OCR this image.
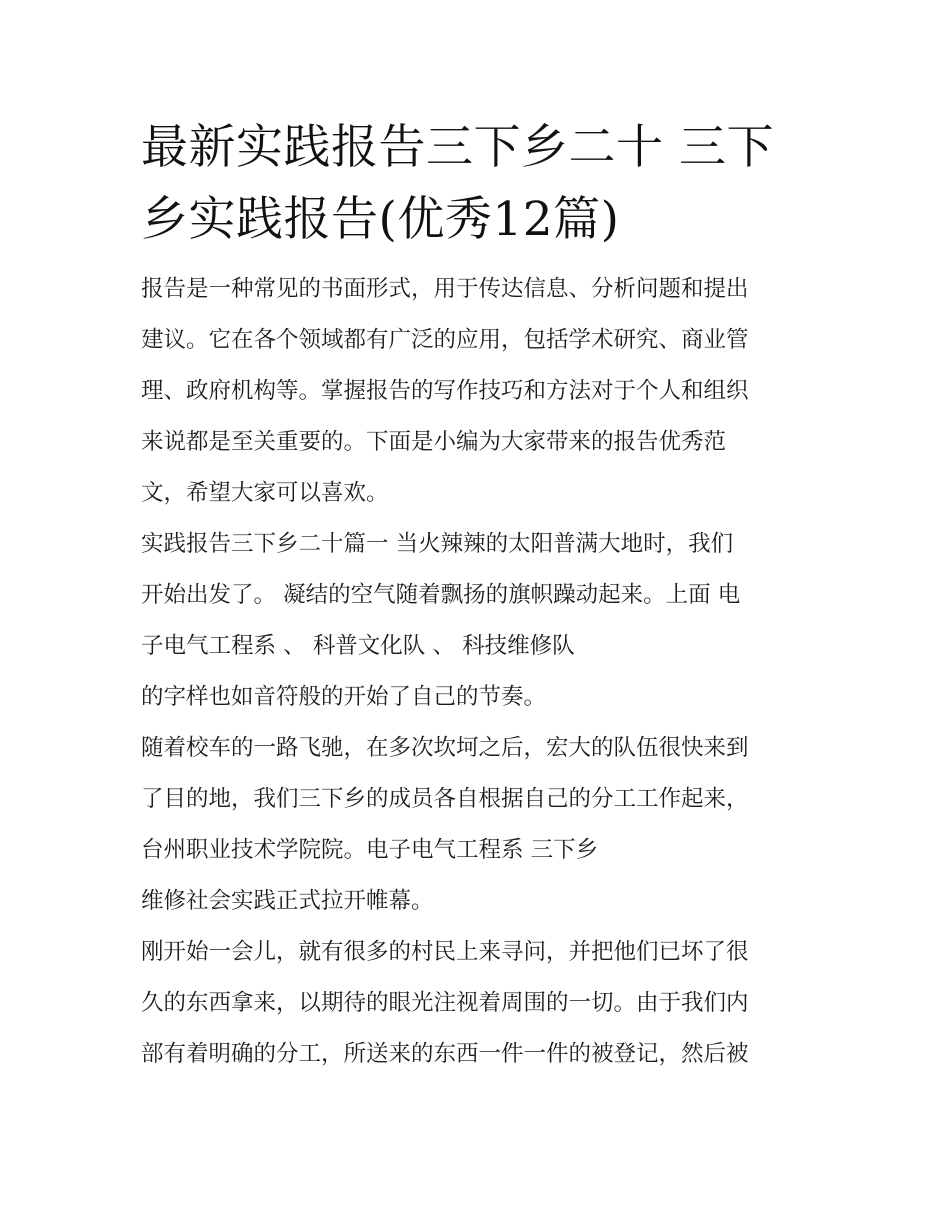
最新实践报告三下乡二十 三下
乡实践报告(优秀12篇)
报告是一种常见的书面形式，用于传达信息、分析问题和提出
建议。它在各个领域都有广泛的应用，包括学术研究、商业管
理、政府机构等。掌握报告的写作技巧和方法对于个人和组织
来说都是至关重要的。下面是小编为大家带来的报告优秀范
文，希望大家可以喜欢。
实践报告三下乡二十篇一 当火辣辣的太阳普满大地时，我们
开始出发了。 凝结的空气随着飘扬的旗帜躁动起来。上面 电
子电气工程系 、 科普文化队 、 科技维修队
的字样也如音符般的开始了自己的节奏。
随着校车的一路飞驰，在多次坎坷之后，宏大的队伍很快来到
了目的地，我们三下乡的成员各自根据自己的分工工作起来，
台州职业技术学院院。电子电气工程系 三下乡
维修社会实践正式拉开帷幕。
刚开始一会儿，就有很多的村民上来寻问，并把他们已坏了很
久的东西拿来，以期待的眼光注视着周围的一切。由于我们内
部有着明确的分工，所送来的东西一件一件的被登记，然后被
